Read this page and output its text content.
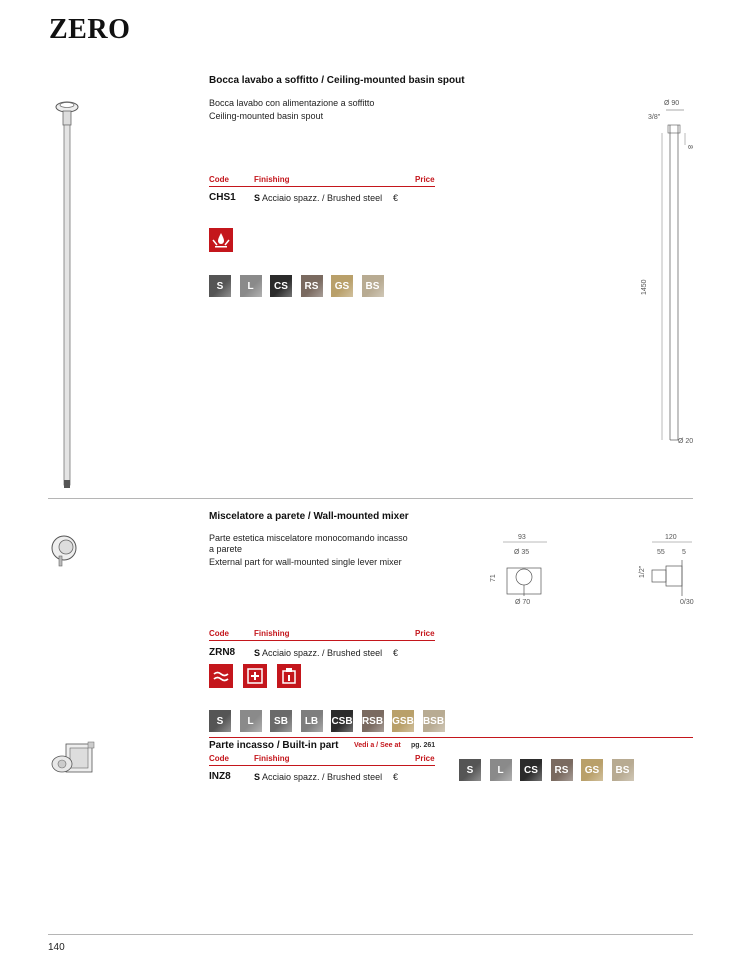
ZERO
Bocca lavabo a soffitto / Ceiling-mounted basin spout
Bocca lavabo con alimentazione a soffitto
Ceiling-mounted basin spout
Code	Finishing	Price
CHS1 S Acciaio spazz. / Brushed steel €
S	L	CS	RS	GS	BS
Ø 90
3/8"
8
1450
Ø 20
Miscelatore a parete / Wall-mounted mixer
Parte estetica miscelatore monocomando incasso
a parete
External part for wall-mounted single lever mixer
Code	Finishing	Price
ZRN8 S Acciaio spazz. / Brushed steel €
S	L	SB	LB	CSB RSB GSB BSB
93
Ø 35
71
Ø 70
120
55 5
1/2"
0/30
Parte incasso / Built-in part Vedi a / See at pg. 261
Code	Finishing	Price
INZ8	S Acciaio spazz. / Brushed steel €
S	L	CS	RS	GS	BS
140
